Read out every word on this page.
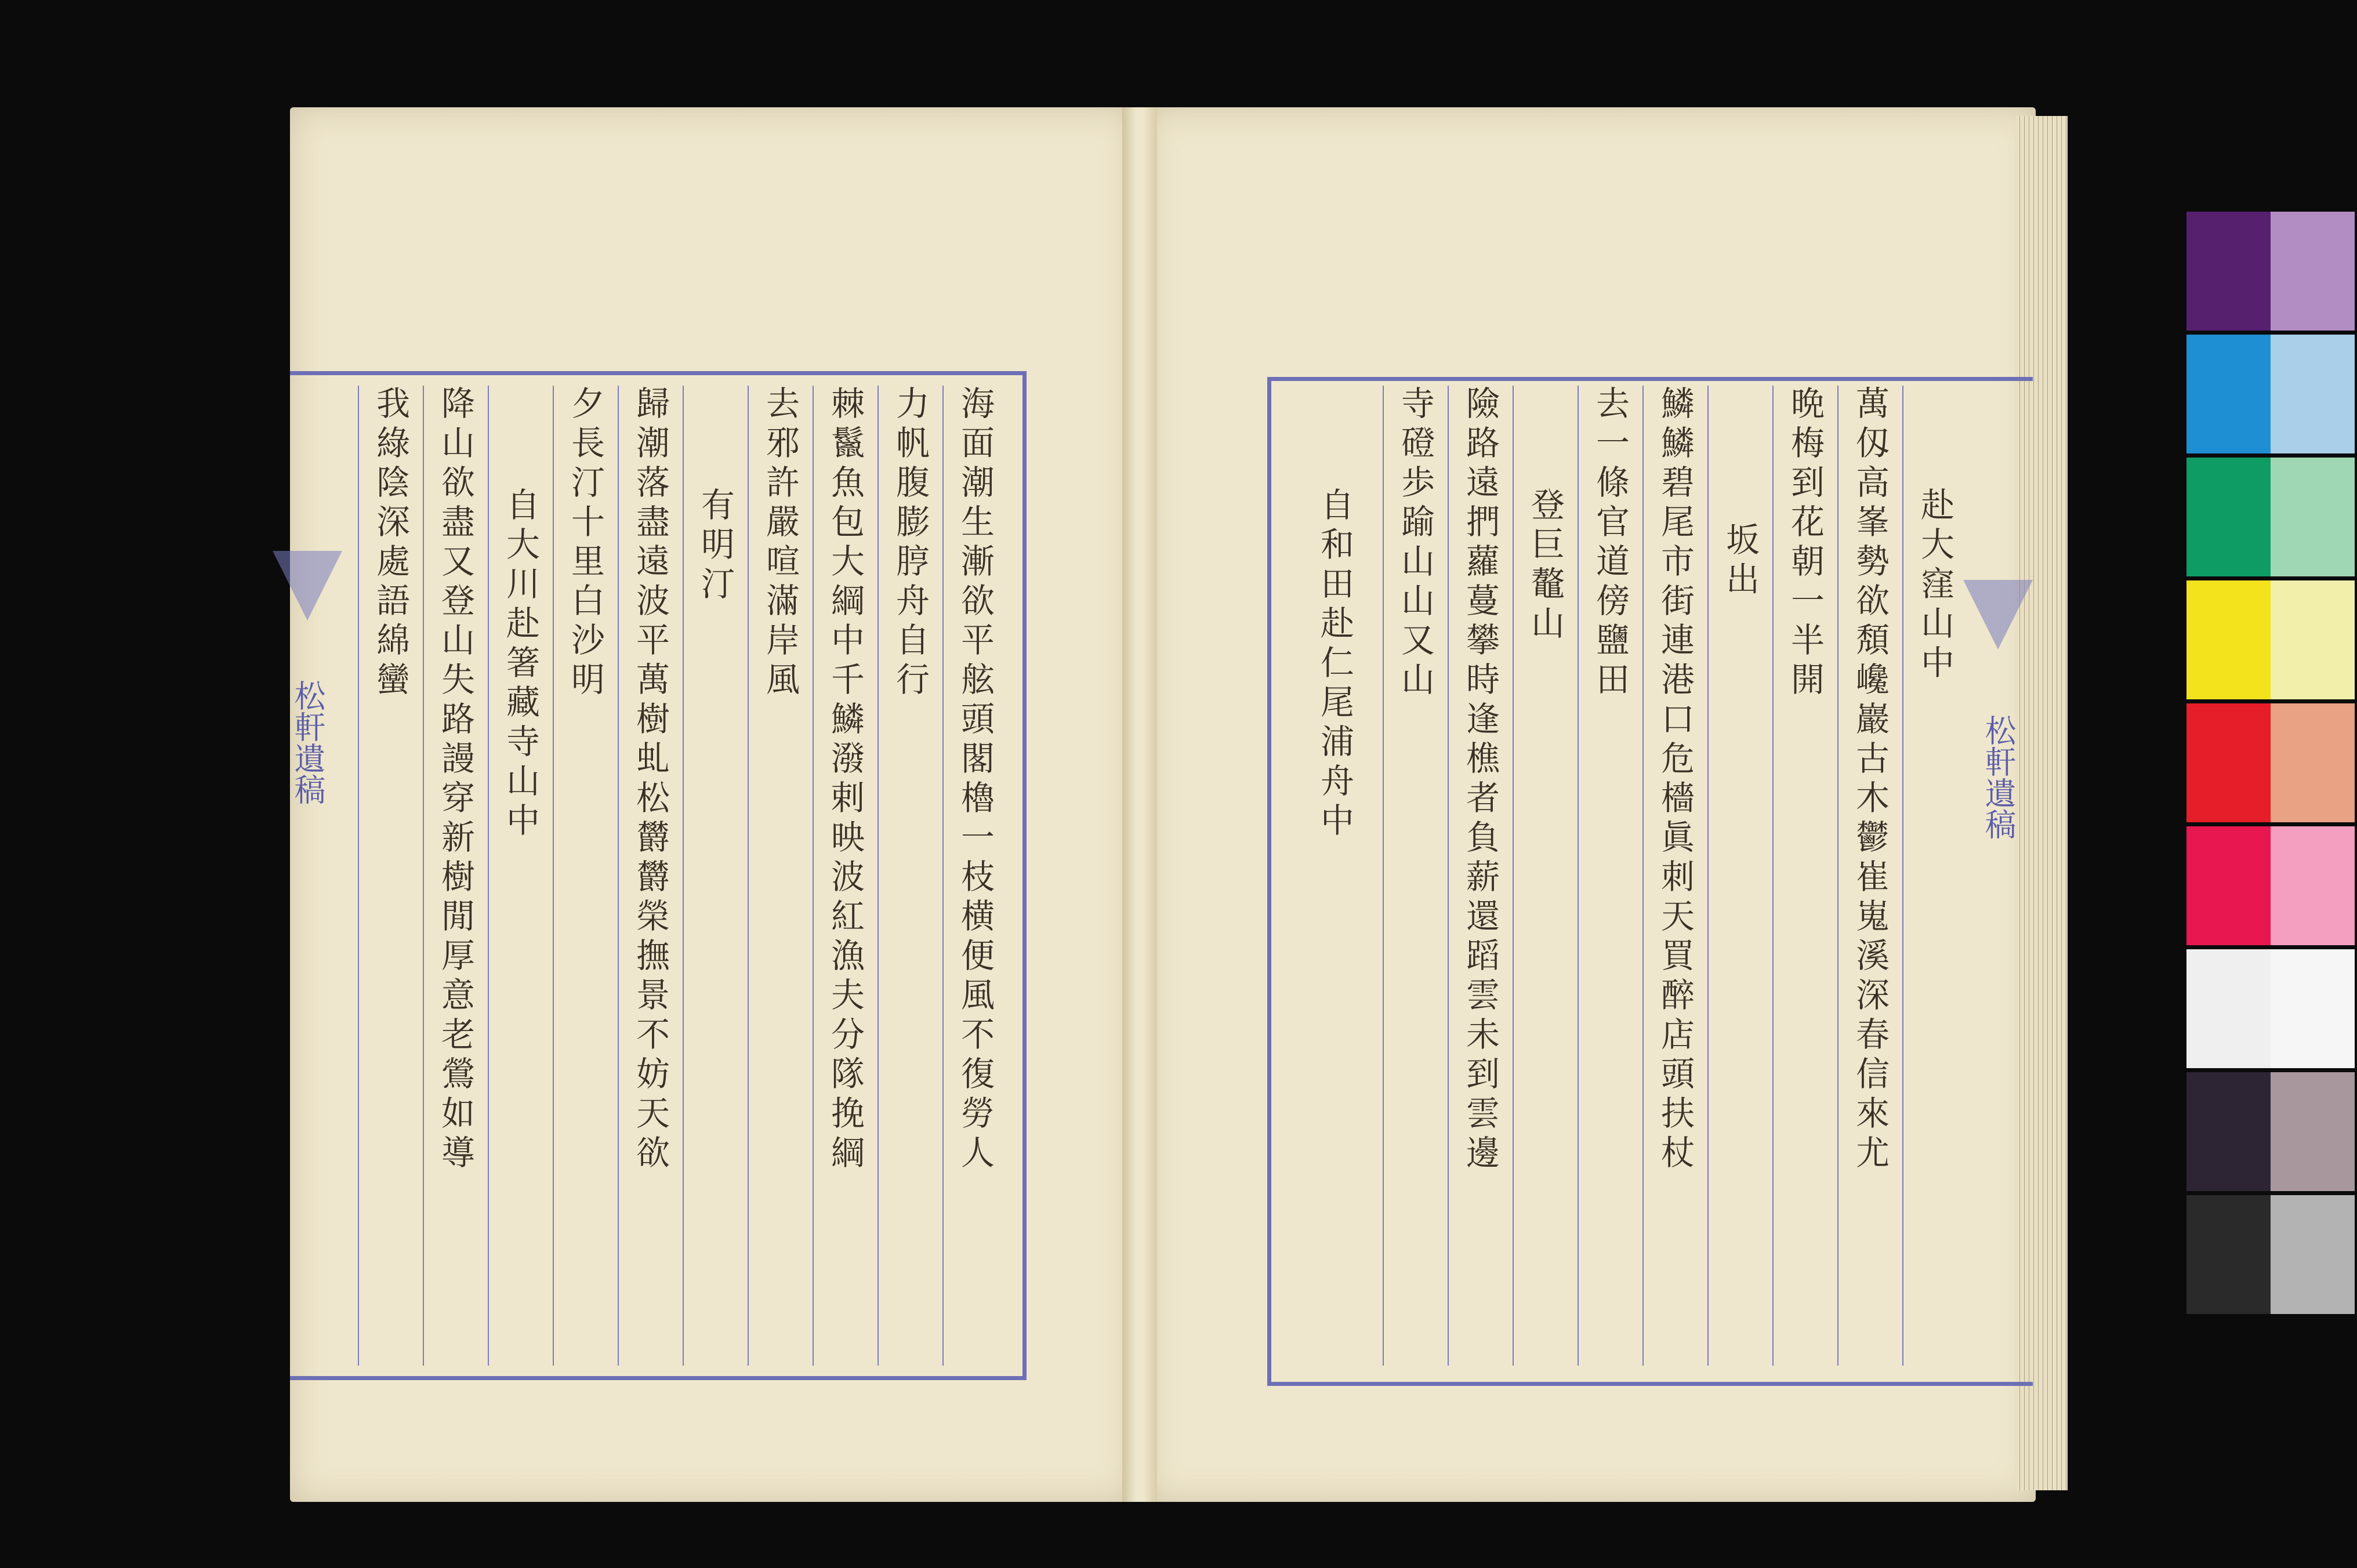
松軒遺稿	松軒遺稿
海面潮生漸欲平舷頭閣櫓一枝横便風不復勞人
力帆腹膨脝舟自行
棘鬣魚包大綱中千鱗潑剌映波紅漁夫分隊挽綱
去邪許嚴喧滿岸風
有明汀
歸潮落盡遠波平萬樹虬松欝欝榮撫景不妨天欲
夕長汀十里白沙明
自大川赴箸藏寺山中
降山欲盡又登山失路謾穿新樹閒厚意老鶯如導
我綠陰深處語綿蠻	赴大窪山中
萬仭高峯勢欲頽巉巖古木鬱崔嵬溪深春信來尤
晩梅到花朝一半開
坂出
鱗鱗碧尾市街連港口危檣眞刺天買醉店頭扶杖
去一條官道傍鹽田
登巨鼇山
險路遠捫蘿蔓攀時逢樵者負薪還蹈雲未到雲邊
寺磴歩踰山山又山
自和田赴仁尾浦舟中
